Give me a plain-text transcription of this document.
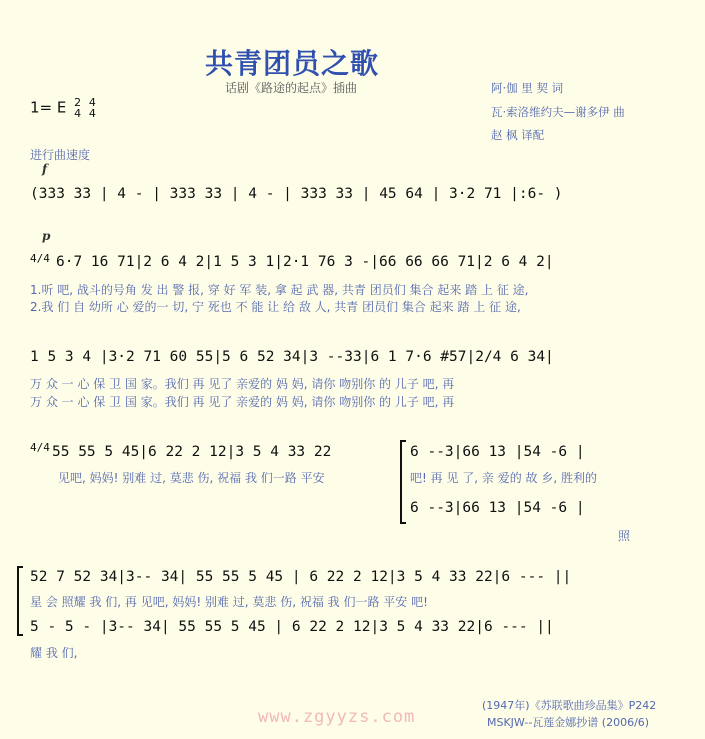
共青团员之歌
话剧《路途的起点》插曲	阿·伽 里 契 词
瓦·索洛维约夫—谢多伊 曲
赵 枫 译配
1= E 2
4 4
4
进行曲速度
f
(333 33 | 4 - | 333 33 | 4 - | 333 33 | 45 64 | 3·2 71 |:6- )
p
4/4 6·7 16 71|2 6 4 2|1 5 3 1|2·1 76 3 -|66 66 66 71|2 6 4 2|
1.听 吧, 战斗的号角 发 出 警 报, 穿 好 军 装, 拿 起 武 器, 共青 团员们 集合 起来 踏 上 征 途,
2.我 们 自 幼所 心 爱的一 切, 宁 死也 不 能 让 给 敌 人, 共青 团员们 集合 起来 踏 上 征 途,
1 5 3 4 |3·2 71 60 55|5 6 52 34|3 --33|6 1 7·6 #57|2/4 6 34|
万 众 一 心 保 卫 国 家。我们 再 见了 亲爱的 妈 妈, 请你 吻别你 的 儿子 吧, 再
万 众 一 心 保 卫 国 家。我们 再 见了 亲爱的 妈 妈, 请你 吻别你 的 儿子 吧, 再
4/4 55 55 5 45|6 22 2 12|3 5 4 33 22
见吧, 妈妈! 别难 过, 莫悲 伤, 祝福 我 们一路 平安
6 --3|66 13 |54 -6 |
吧! 再 见 了, 亲 爱的 故 乡, 胜利的
6 --3|66 13 |54 -6 |
照
52 7 52 34|3-- 34| 55 55 5 45 | 6 22 2 12|3 5 4 33 22|6 --- ||
星 会 照耀 我 们, 再 见吧, 妈妈! 别难 过, 莫悲 伤, 祝福 我 们一路 平安 吧!
5 - 5 - |3-- 34| 55 55 5 45 | 6 22 2 12|3 5 4 33 22|6 --- ||
耀 我 们,
(1947年)《苏联歌曲珍品集》P242
MSKJW--瓦莲金娜抄谱 (2006/6)
www.zgyyzs.com
